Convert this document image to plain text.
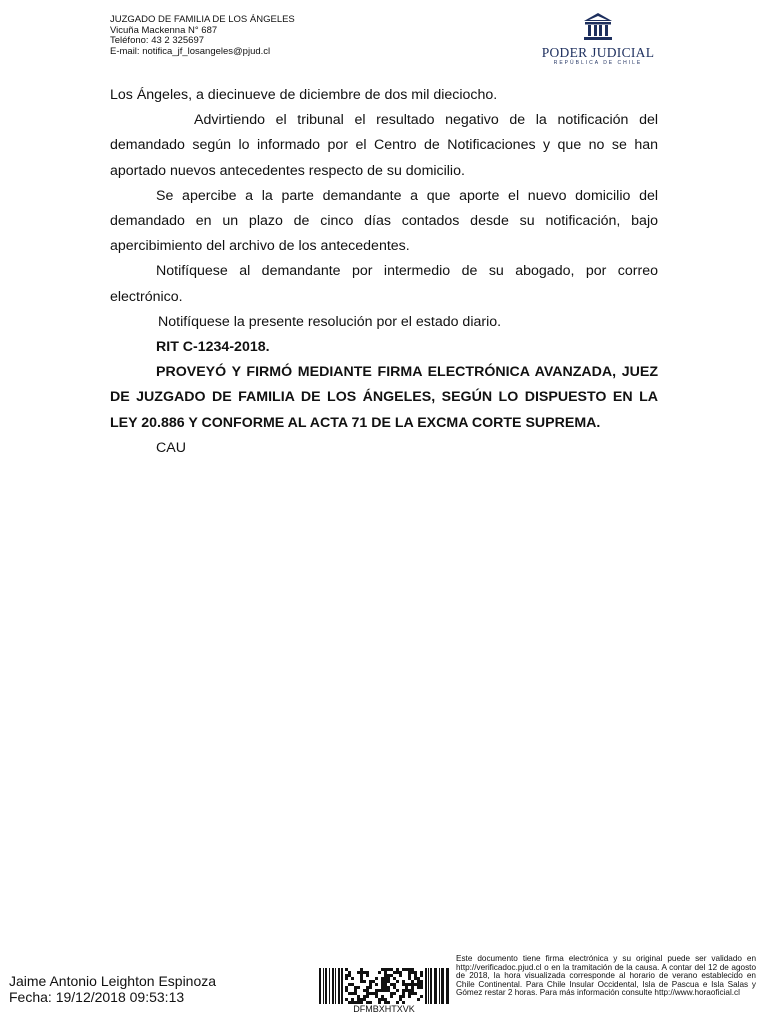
JUZGADO DE FAMILIA DE LOS ÁNGELES
Vicuña Mackenna N° 687
Teléfono: 43 2 325697
E-mail: notifica_jf_losangeles@pjud.cl	PODER JUDICIAL
REPÚBLICA DE CHILE

Los Ángeles, a diecinueve de diciembre de dos mil dieciocho.

Advirtiendo el tribunal el resultado negativo de la notificación del demandado según lo informado por el Centro de Notificaciones y que no se han aportado nuevos antecedentes respecto de su domicilio.

Se apercibe a la parte demandante a que aporte el nuevo domicilio del demandado en un plazo de cinco días contados desde su notificación, bajo apercibimiento del archivo de los antecedentes.

Notifíquese al demandante por intermedio de su abogado, por correo electrónico.

Notifíquese la presente resolución por el estado diario.

RIT C-1234-2018.

PROVEYÓ Y FIRMÓ MEDIANTE FIRMA ELECTRÓNICA AVANZADA, JUEZ DE JUZGADO DE FAMILIA DE LOS ÁNGELES, SEGÚN LO DISPUESTO EN LA LEY 20.886 Y CONFORME AL ACTA 71 DE LA EXCMA CORTE SUPREMA.

CAU

Jaime Antonio Leighton Espinoza
Fecha: 19/12/2018 09:53:13
DFMBXHTXVK
Este documento tiene firma electrónica y su original puede ser validado en http://verificadoc.pjud.cl o en la tramitación de la causa. A contar del 12 de agosto de 2018, la hora visualizada corresponde al horario de verano establecido en Chile Continental. Para Chile Insular Occidental, Isla de Pascua e Isla Salas y Gómez restar 2 horas. Para más información consulte http://www.horaoficial.cl
